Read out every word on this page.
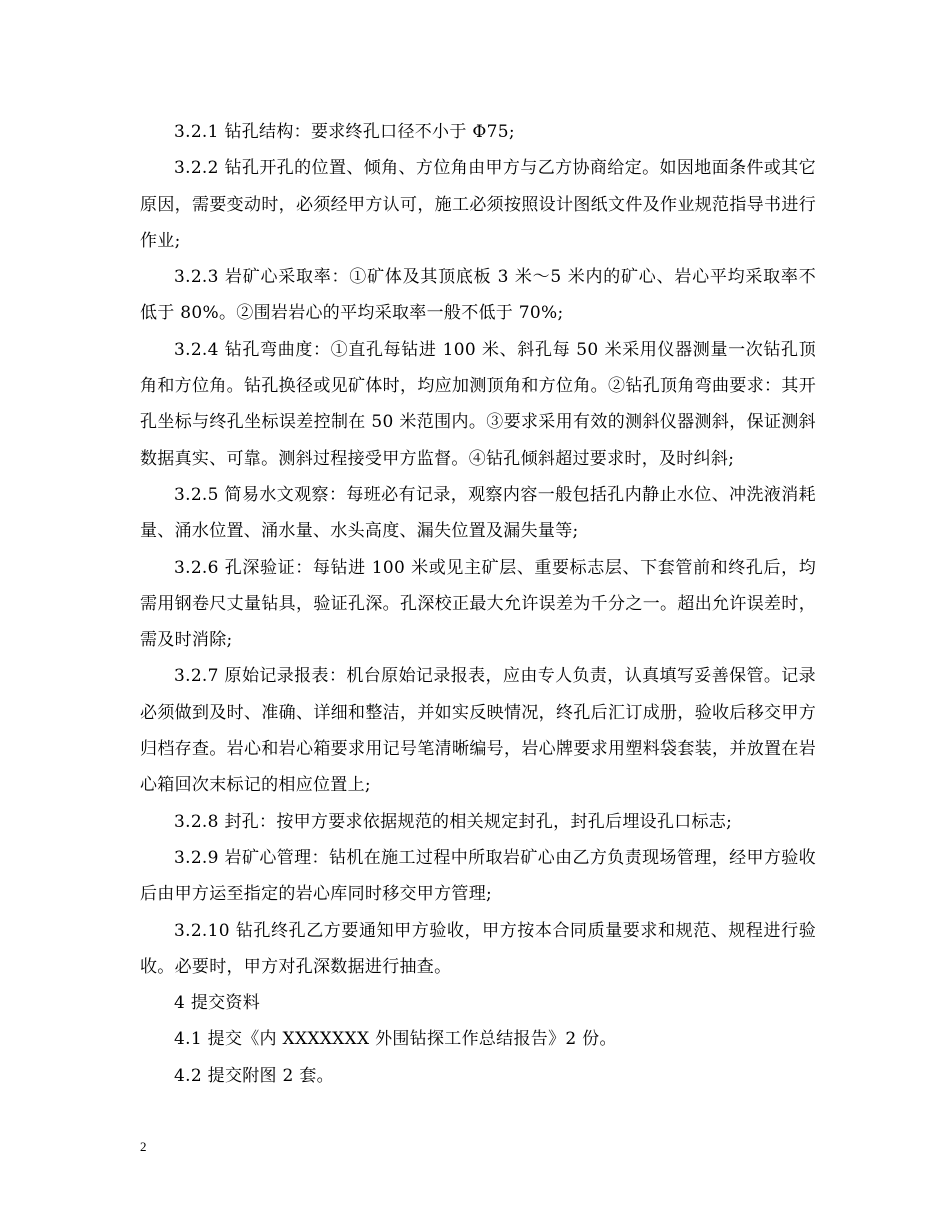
3.2.1 钻孔结构：要求终孔口径不小于 Φ75;

3.2.2 钻孔开孔的位置、倾角、方位角由甲方与乙方协商给定。如因地面条件或其它原因，需要变动时，必须经甲方认可，施工必须按照设计图纸文件及作业规范指导书进行作业;

3.2.3 岩矿心采取率：①矿体及其顶底板 3 米～5 米内的矿心、岩心平均采取率不低于 80%。②围岩岩心的平均采取率一般不低于 70%;

3.2.4 钻孔弯曲度：①直孔每钻进 100 米、斜孔每 50 米采用仪器测量一次钻孔顶角和方位角。钻孔换径或见矿体时，均应加测顶角和方位角。②钻孔顶角弯曲要求：其开孔坐标与终孔坐标误差控制在 50 米范围内。③要求采用有效的测斜仪器测斜，保证测斜数据真实、可靠。测斜过程接受甲方监督。④钻孔倾斜超过要求时，及时纠斜;

3.2.5 简易水文观察：每班必有记录，观察内容一般包括孔内静止水位、冲洗液消耗量、涌水位置、涌水量、水头高度、漏失位置及漏失量等;

3.2.6 孔深验证：每钻进 100 米或见主矿层、重要标志层、下套管前和终孔后，均需用钢卷尺丈量钻具，验证孔深。孔深校正最大允许误差为千分之一。超出允许误差时，需及时消除;

3.2.7 原始记录报表：机台原始记录报表，应由专人负责，认真填写妥善保管。记录必须做到及时、准确、详细和整洁，并如实反映情况，终孔后汇订成册，验收后移交甲方归档存查。岩心和岩心箱要求用记号笔清晰编号，岩心牌要求用塑料袋套装，并放置在岩心箱回次末标记的相应位置上;

3.2.8 封孔：按甲方要求依据规范的相关规定封孔，封孔后埋设孔口标志;

3.2.9 岩矿心管理：钻机在施工过程中所取岩矿心由乙方负责现场管理，经甲方验收后由甲方运至指定的岩心库同时移交甲方管理;

3.2.10 钻孔终孔乙方要通知甲方验收，甲方按本合同质量要求和规范、规程进行验收。必要时，甲方对孔深数据进行抽查。

4 提交资料

4.1 提交《内 XXXXXXX 外围钻探工作总结报告》2 份。

4.2 提交附图 2 套。

2
